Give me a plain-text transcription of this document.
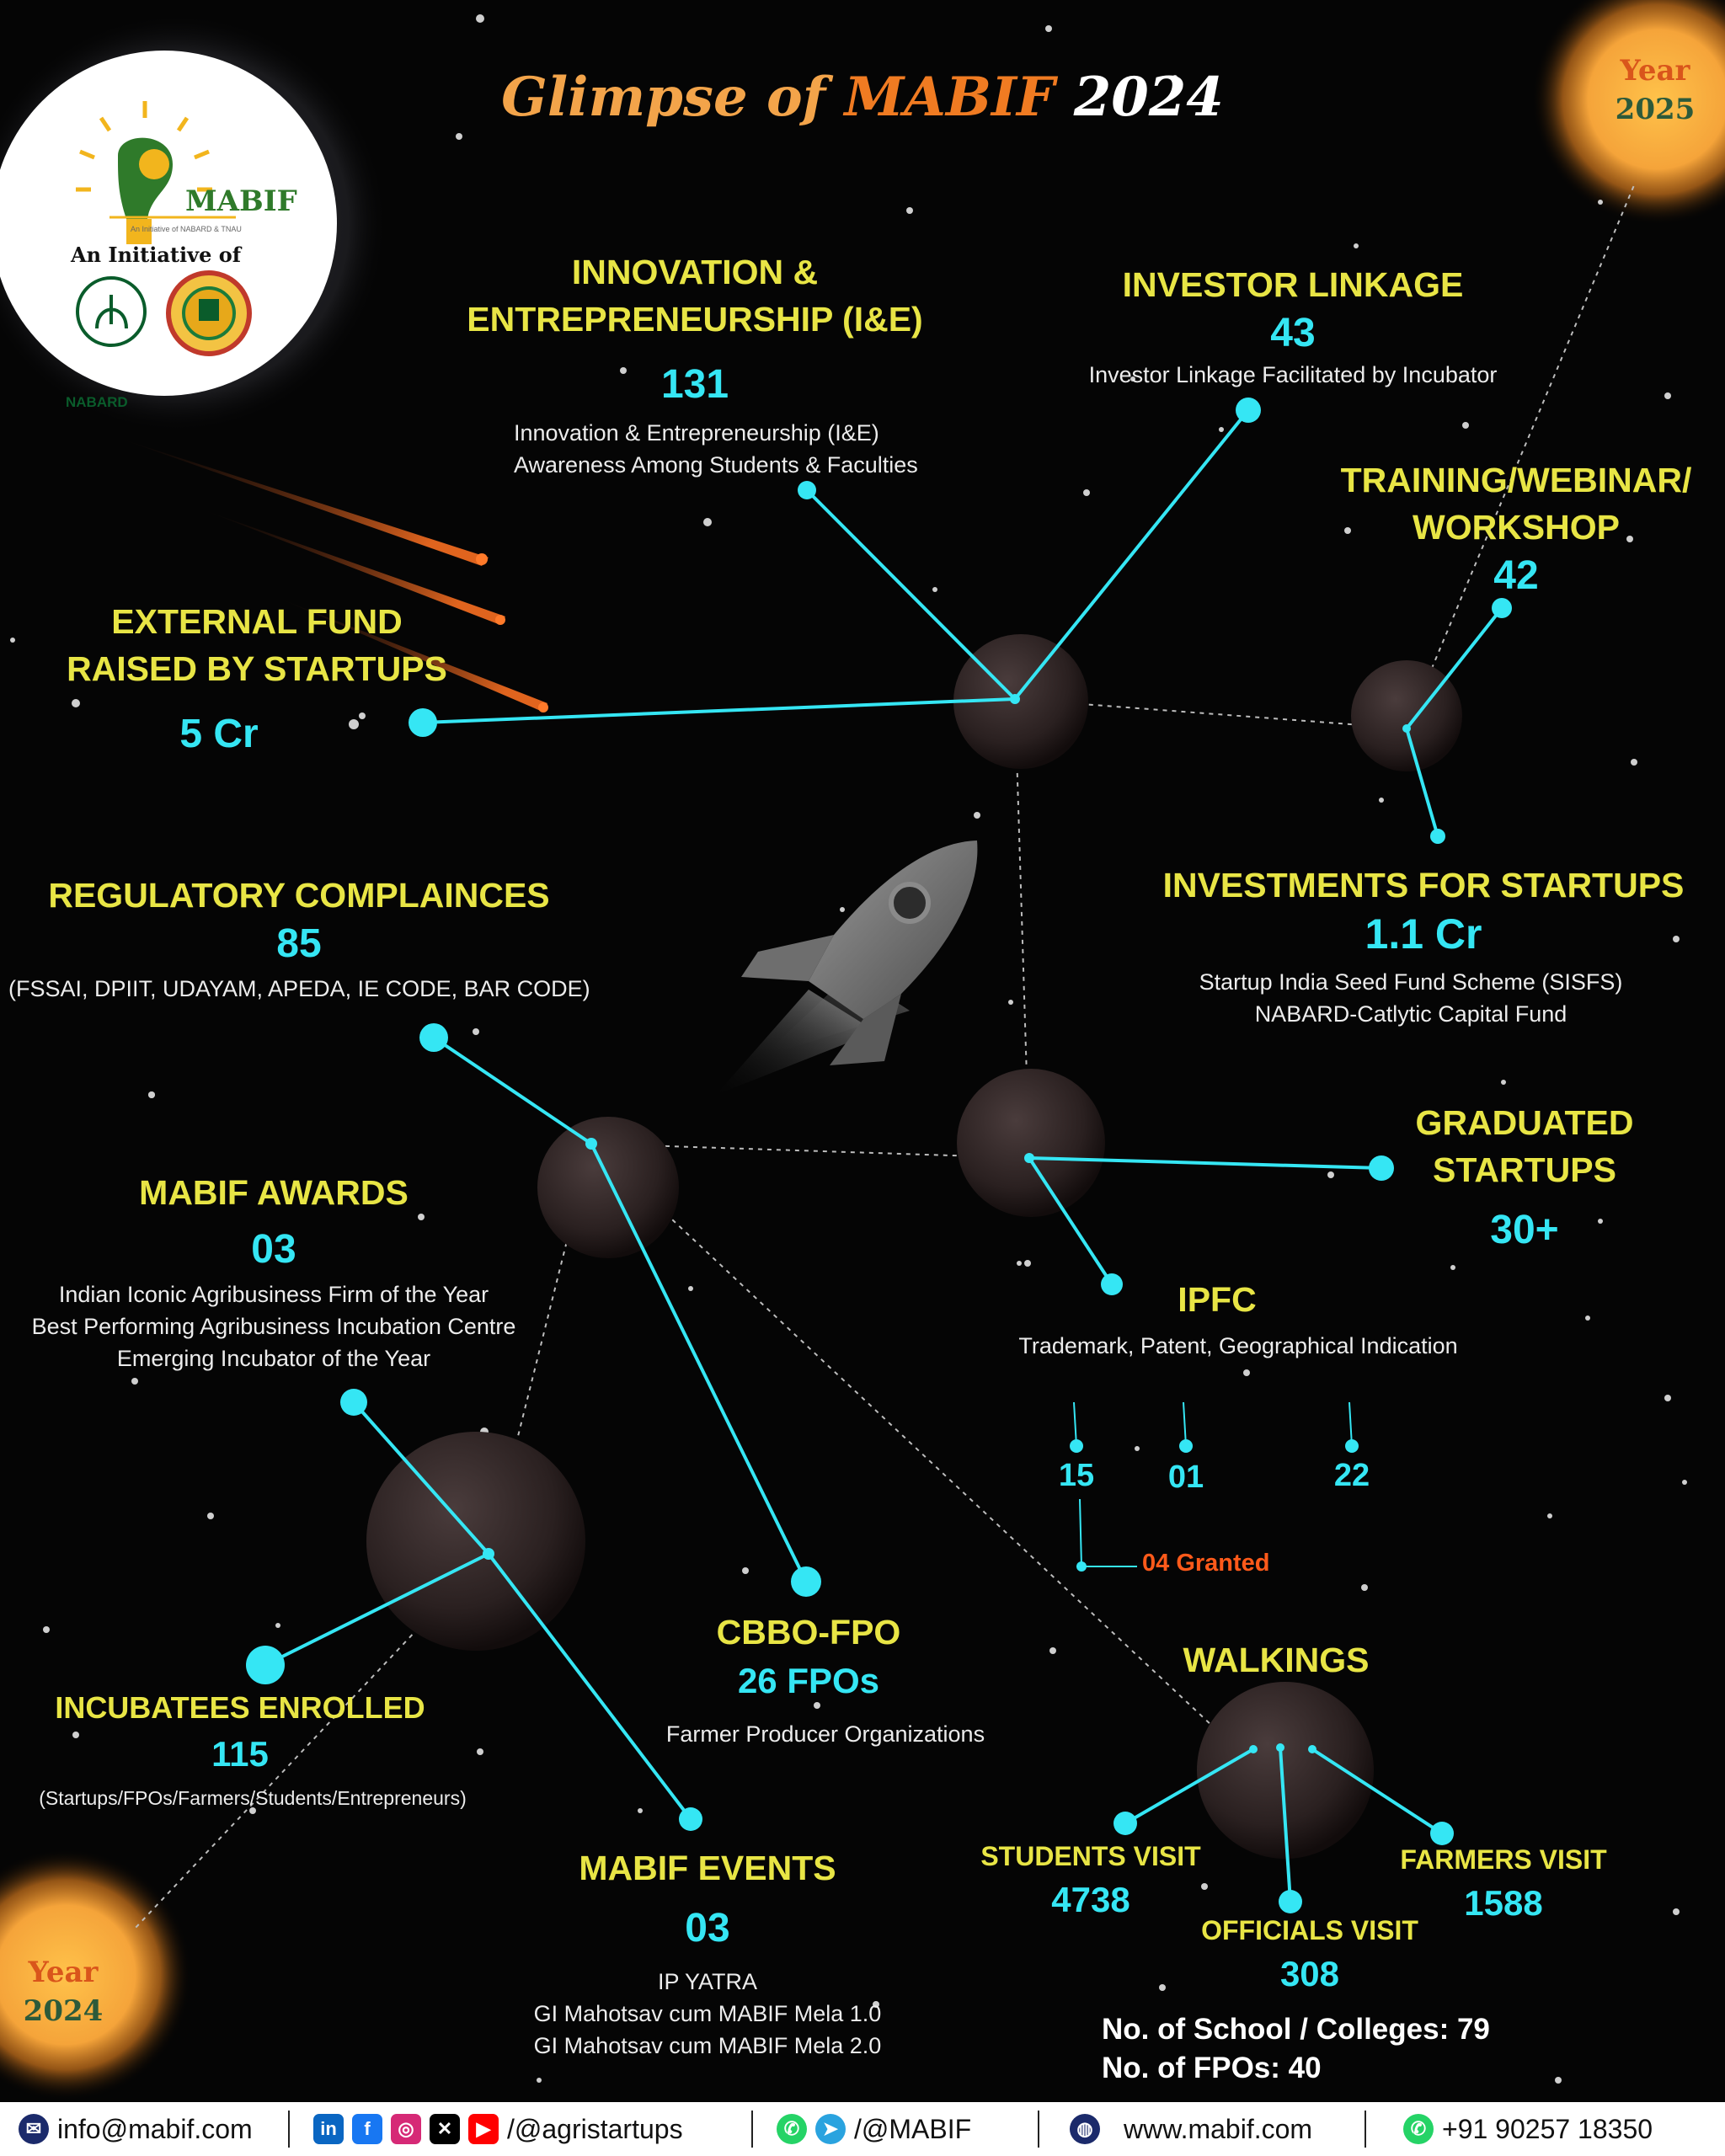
MABIF
An Initiative of NABARD & TNAU
An Initiative of
NABARD
Glimpse of MABIF 2024	Year
2025
Year
2024
INNOVATION &
ENTREPRENEURSHIP (I&E)
131
Innovation & Entrepreneurship (I&E)
Awareness Among Students & Faculties
INVESTOR LINKAGE
43
Investor Linkage Facilitated by Incubator
TRAINING/WEBINAR/
WORKSHOP
42
EXTERNAL FUND
RAISED BY STARTUPS
5 Cr
INVESTMENTS FOR STARTUPS
1.1 Cr
Startup India Seed Fund Scheme (SISFS)
NABARD-Catlytic Capital Fund
REGULATORY COMPLAINCES
85
(FSSAI, DPIIT, UDAYAM, APEDA, IE CODE, BAR CODE)
GRADUATED
STARTUPS
30+
MABIF AWARDS
03
Indian Iconic Agribusiness Firm of the Year
Best Performing Agribusiness Incubation Centre
Emerging Incubator of the Year
IPFC
Trademark, Patent, Geographical Indication
15	01	22
04 Granted
CBBO-FPO
26 FPOs
Farmer Producer Organizations
WALKINGS
INCUBATEES ENROLLED
115
(Startups/FPOs/Farmers/Students/Entrepreneurs)
MABIF EVENTS
03
IP YATRA
GI Mahotsav cum MABIF Mela 1.0
GI Mahotsav cum MABIF Mela 2.0
STUDENTS VISIT
4738
OFFICIALS VISIT
308
FARMERS VISIT
1588
No. of School / Colleges: 79
No. of FPOs: 40
✉ info@mabif.com	in	f	◎	✕	▶ /@agristartups	✆	➤ /@MABIF	◍ www.mabif.com	✆ +91 90257 18350
